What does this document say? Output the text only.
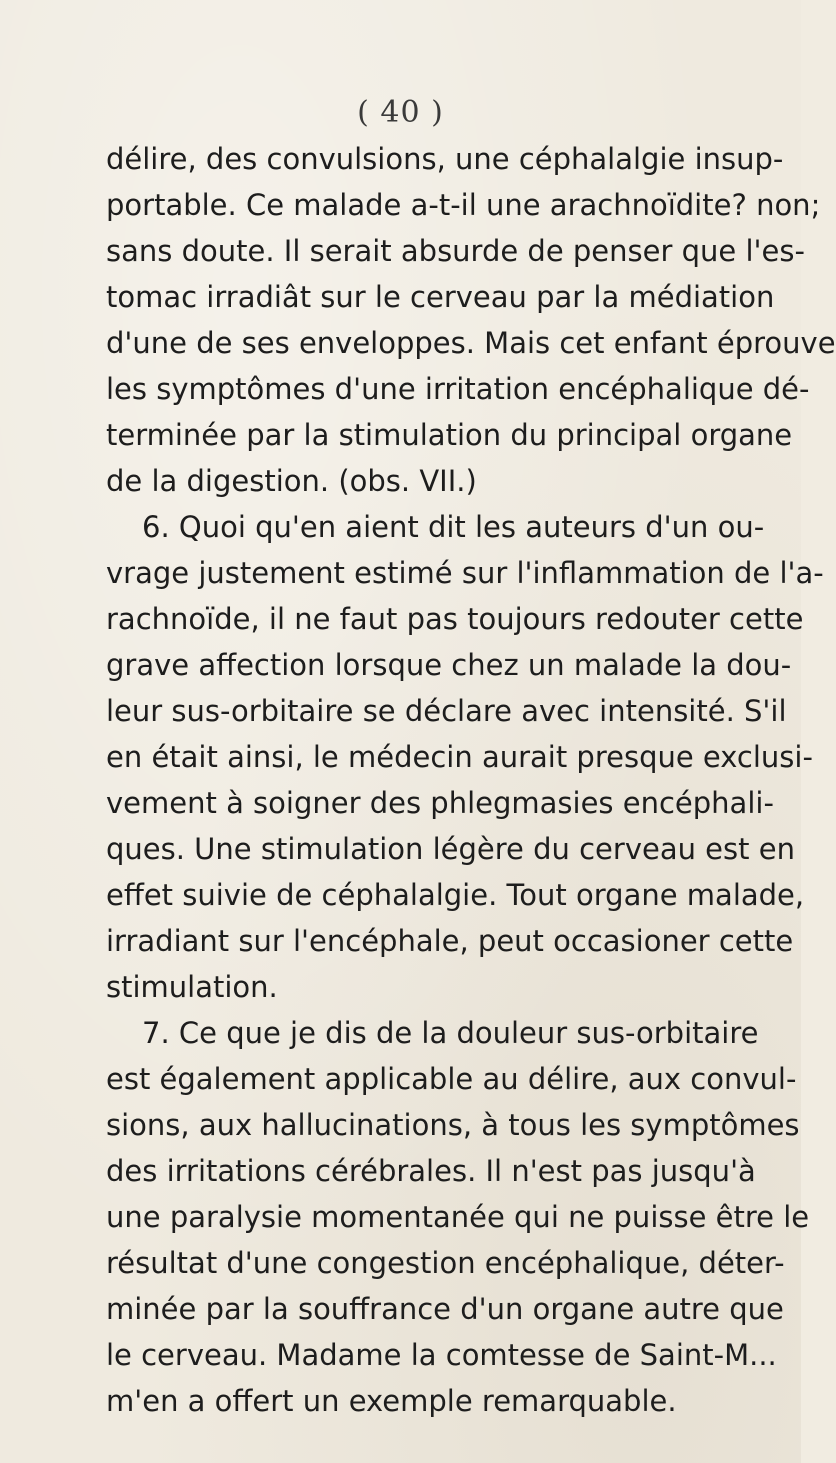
( 40 )
délire, des convulsions, une céphalalgie insup-
portable. Ce malade a-t-il une arachnoïdite? non;
sans doute. Il serait absurde de penser que l'es-
tomac irradiât sur le cerveau par la médiation
d'une de ses enveloppes. Mais cet enfant éprouve
les symptômes d'une irritation encéphalique dé-
terminée par la stimulation du principal organe
de la digestion. (obs. VII.)
6. Quoi qu'en aient dit les auteurs d'un ou-
vrage justement estimé sur l'inflammation de l'a-
rachnoïde, il ne faut pas toujours redouter cette
grave affection lorsque chez un malade la dou-
leur sus-orbitaire se déclare avec intensité. S'il
en était ainsi, le médecin aurait presque exclusi-
vement à soigner des phlegmasies encéphali-
ques. Une stimulation légère du cerveau est en
effet suivie de céphalalgie. Tout organe malade,
irradiant sur l'encéphale, peut occasioner cette
stimulation.
7. Ce que je dis de la douleur sus-orbitaire
est également applicable au délire, aux convul-
sions, aux hallucinations, à tous les symptômes
des irritations cérébrales. Il n'est pas jusqu'à
une paralysie momentanée qui ne puisse être le
résultat d'une congestion encéphalique, déter-
minée par la souffrance d'un organe autre que
le cerveau. Madame la comtesse de Saint-M...
m'en a offert un exemple remarquable.
